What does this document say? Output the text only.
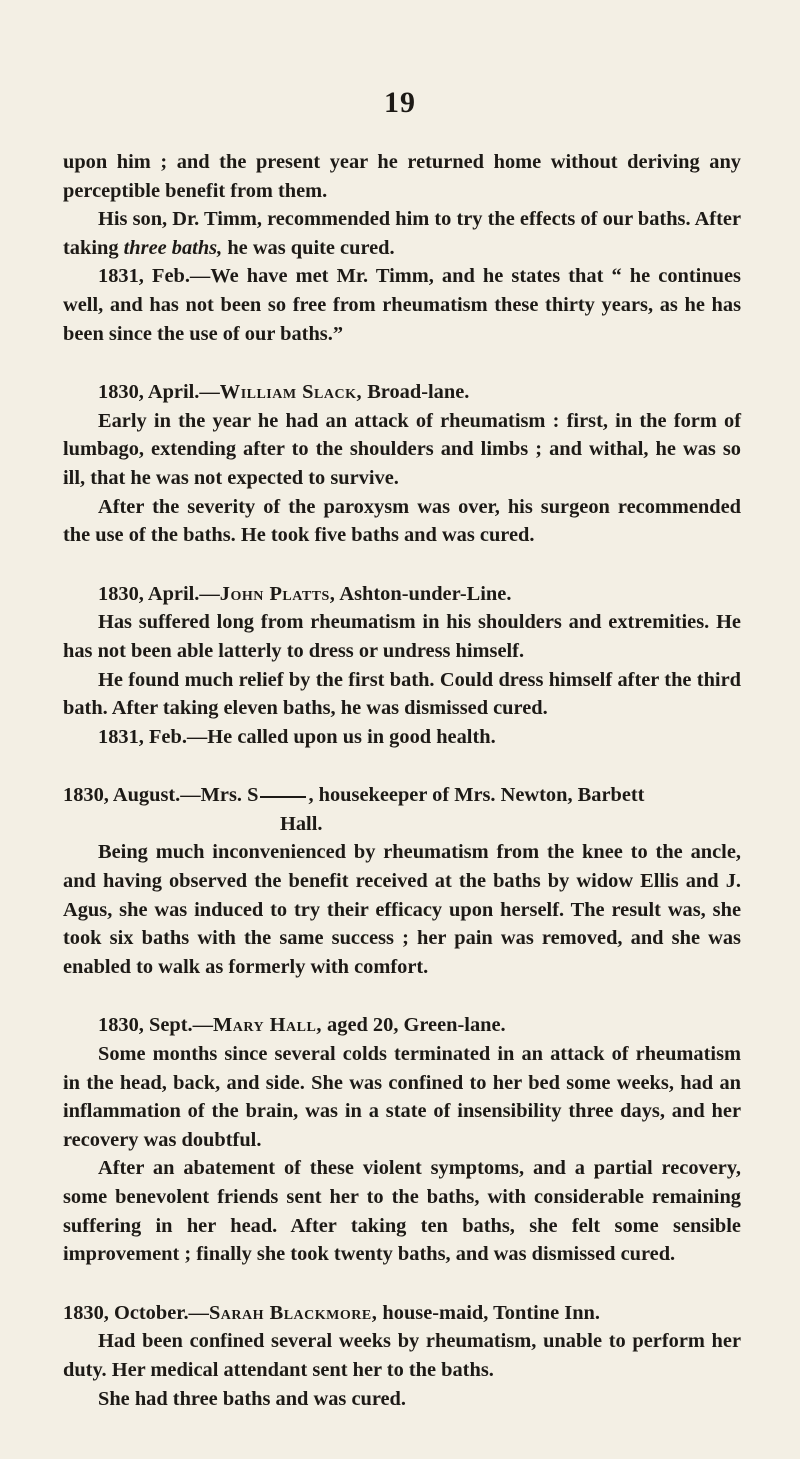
19

upon him ; and the present year he returned home without deriving any perceptible benefit from them.

His son, Dr. Timm, recommended him to try the effects of our baths. After taking three baths, he was quite cured.

1831, Feb.—We have met Mr. Timm, and he states that “ he continues well, and has not been so free from rheumatism these thirty years, as he has been since the use of our baths.”

1830, April.—William Slack, Broad-lane.

Early in the year he had an attack of rheumatism : first, in the form of lumbago, extending after to the shoulders and limbs ; and withal, he was so ill, that he was not expected to survive.

After the severity of the paroxysm was over, his surgeon recommended the use of the baths. He took five baths and was cured.

1830, April.—John Platts, Ashton-under-Line.

Has suffered long from rheumatism in his shoulders and extremities. He has not been able latterly to dress or undress himself.

He found much relief by the first bath. Could dress himself after the third bath. After taking eleven baths, he was dismissed cured.

1831, Feb.—He called upon us in good health.

1830, August.—Mrs. S , housekeeper of Mrs. Newton, Barbett

Hall.

Being much inconvenienced by rheumatism from the knee to the ancle, and having observed the benefit received at the baths by widow Ellis and J. Agus, she was induced to try their efficacy upon herself. The result was, she took six baths with the same success ; her pain was removed, and she was enabled to walk as formerly with comfort.

1830, Sept.—Mary Hall, aged 20, Green-lane.

Some months since several colds terminated in an attack of rheumatism in the head, back, and side. She was confined to her bed some weeks, had an inflammation of the brain, was in a state of insensibility three days, and her recovery was doubtful.

After an abatement of these violent symptoms, and a partial recovery, some benevolent friends sent her to the baths, with considerable remaining suffering in her head. After taking ten baths, she felt some sensible improvement ; finally she took twenty baths, and was dismissed cured.

1830, October.—Sarah Blackmore, house-maid, Tontine Inn.

Had been confined several weeks by rheumatism, unable to perform her duty. Her medical attendant sent her to the baths.

She had three baths and was cured.
